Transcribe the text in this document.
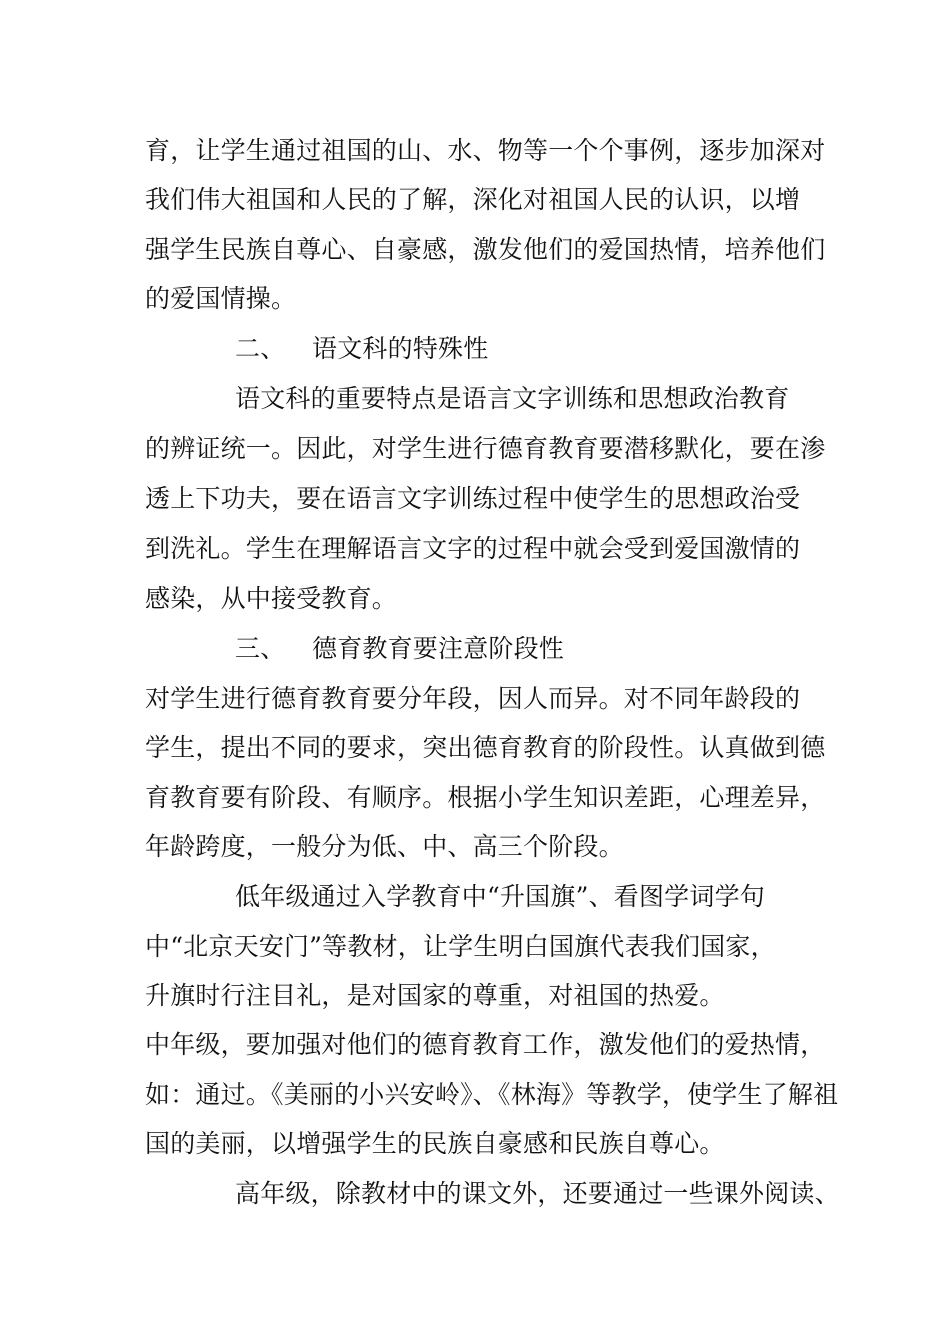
育，让学生通过祖国的山、水、物等一个个事例，逐步加深对
我们伟大祖国和人民的了解，深化对祖国人民的认识，以增
强学生民族自尊心、自豪感，激发他们的爱国热情，培养他们
的爱国情操。
二、 语文科的特殊性
语文科的重要特点是语言文字训练和思想政治教育
的辨证统一。因此，对学生进行德育教育要潜移默化，要在渗
透上下功夫，要在语言文字训练过程中使学生的思想政治受
到洗礼。学生在理解语言文字的过程中就会受到爱国激情的
感染，从中接受教育。
三、 德育教育要注意阶段性
对学生进行德育教育要分年段，因人而异。对不同年龄段的
学生，提出不同的要求，突出德育教育的阶段性。认真做到德
育教育要有阶段、有顺序。根据小学生知识差距，心理差异，
年龄跨度，一般分为低、中、高三个阶段。
低年级通过入学教育中“升国旗”、看图学词学句
中“北京天安门”等教材，让学生明白国旗代表我们国家，
升旗时行注目礼，是对国家的尊重，对祖国的热爱。
中年级，要加强对他们的德育教育工作，激发他们的爱热情，
如：通过。《美丽的小兴安岭》、《林海》等教学，使学生了解祖
国的美丽，以增强学生的民族自豪感和民族自尊心。
高年级，除教材中的课文外，还要通过一些课外阅读、
